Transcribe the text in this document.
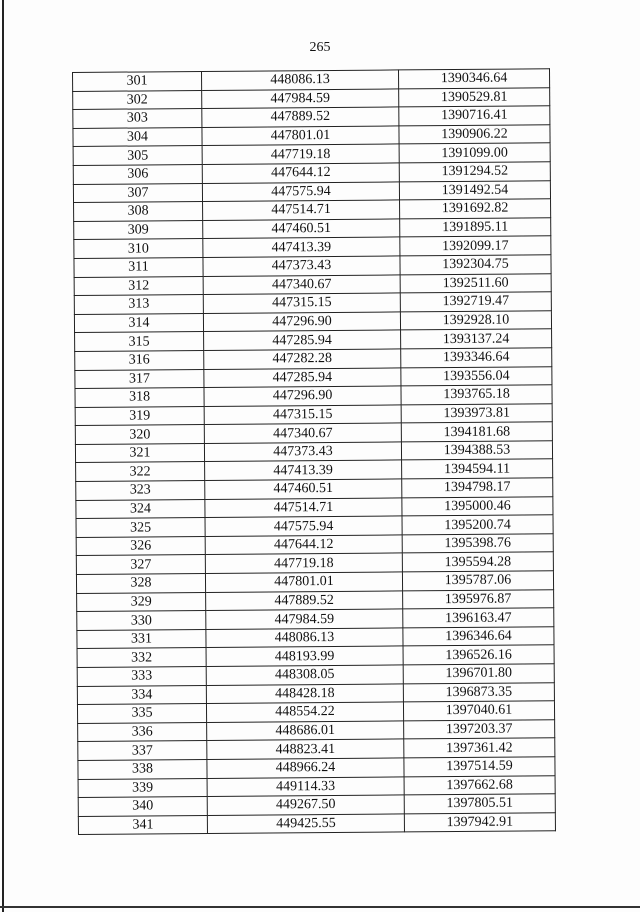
265
301	448086.13	1390346.64
302	447984.59	1390529.81
303	447889.52	1390716.41
304	447801.01	1390906.22
305	447719.18	1391099.00
306	447644.12	1391294.52
307	447575.94	1391492.54
308	447514.71	1391692.82
309	447460.51	1391895.11
310	447413.39	1392099.17
311	447373.43	1392304.75
312	447340.67	1392511.60
313	447315.15	1392719.47
314	447296.90	1392928.10
315	447285.94	1393137.24
316	447282.28	1393346.64
317	447285.94	1393556.04
318	447296.90	1393765.18
319	447315.15	1393973.81
320	447340.67	1394181.68
321	447373.43	1394388.53
322	447413.39	1394594.11
323	447460.51	1394798.17
324	447514.71	1395000.46
325	447575.94	1395200.74
326	447644.12	1395398.76
327	447719.18	1395594.28
328	447801.01	1395787.06
329	447889.52	1395976.87
330	447984.59	1396163.47
331	448086.13	1396346.64
332	448193.99	1396526.16
333	448308.05	1396701.80
334	448428.18	1396873.35
335	448554.22	1397040.61
336	448686.01	1397203.37
337	448823.41	1397361.42
338	448966.24	1397514.59
339	449114.33	1397662.68
340	449267.50	1397805.51
341	449425.55	1397942.91
